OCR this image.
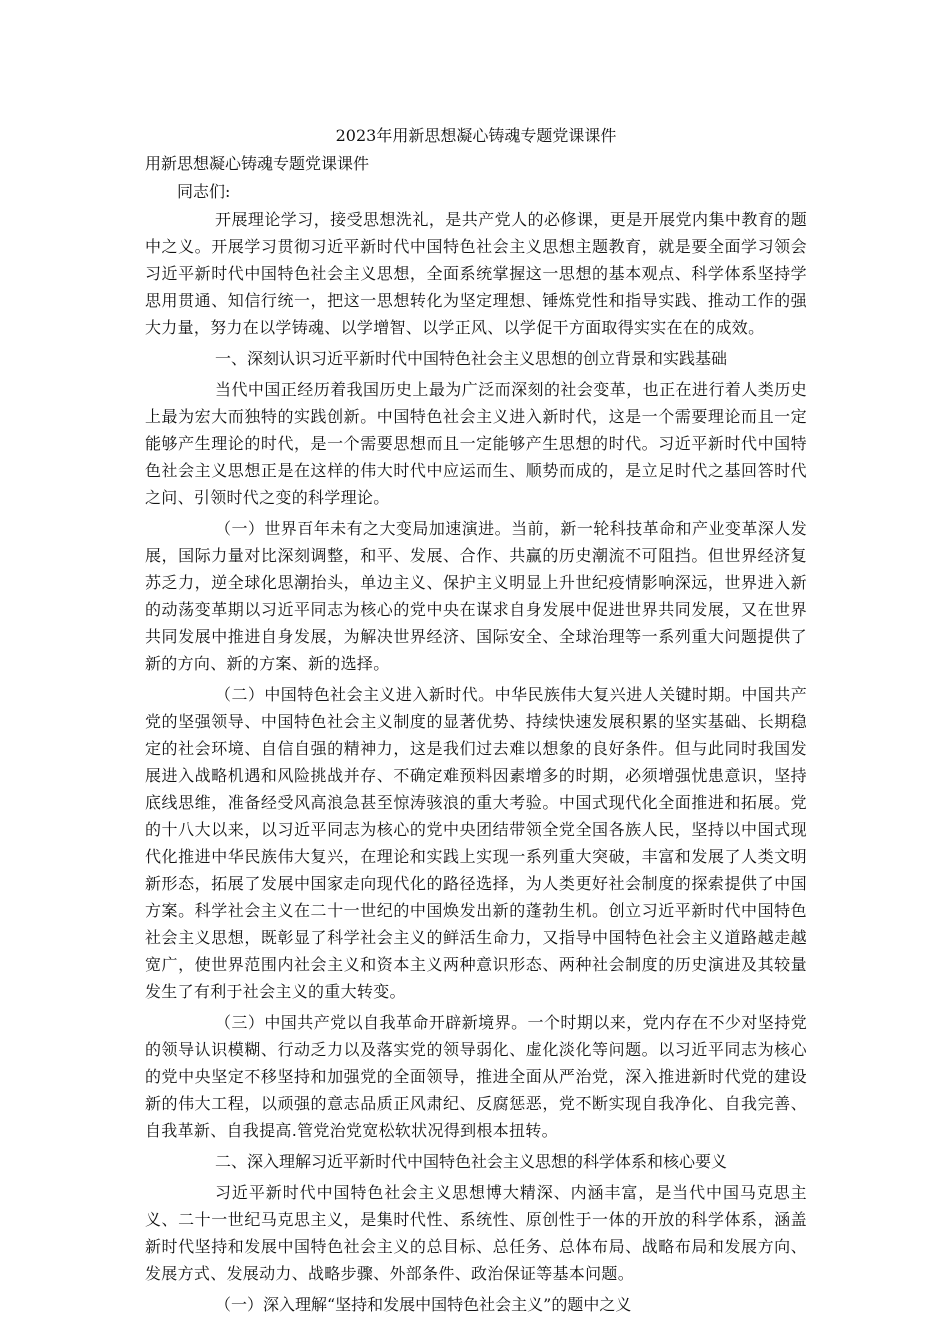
2023年用新思想凝心铸魂专题党课课件

用新思想凝心铸魂专题党课课件

同志们:

开展理论学习，接受思想洗礼，是共产党人的必修课，更是开展党内集中教育的题中之义。开展学习贯彻习近平新时代中国特色社会主义思想主题教育，就是要全面学习领会习近平新时代中国特色社会主义思想，全面系统掌握这一思想的基本观点、科学体系坚持学思用贯通、知信行统一，把这一思想转化为坚定理想、锤炼党性和指导实践、推动工作的强大力量，努力在以学铸魂、以学增智、以学正风、以学促干方面取得实实在在的成效。

一、深刻认识习近平新时代中国特色社会主义思想的创立背景和实践基础

当代中国正经历着我国历史上最为广泛而深刻的社会变革，也正在进行着人类历史上最为宏大而独特的实践创新。中国特色社会主义进入新时代，这是一个需要理论而且一定能够产生理论的时代，是一个需要思想而且一定能够产生思想的时代。习近平新时代中国特色社会主义思想正是在这样的伟大时代中应运而生、顺势而成的，是立足时代之基回答时代之问、引领时代之变的科学理论。

（一）世界百年未有之大变局加速演进。当前，新一轮科技革命和产业变革深人发展，国际力量对比深刻调整，和平、发展、合作、共赢的历史潮流不可阻挡。但世界经济复苏乏力，逆全球化思潮抬头，单边主义、保护主义明显上升世纪疫情影响深远，世界进入新的动荡变革期以习近平同志为核心的党中央在谋求自身发展中促进世界共同发展，又在世界共同发展中推进自身发展，为解决世界经济、国际安全、全球治理等一系列重大问题提供了新的方向、新的方案、新的选择。

（二）中国特色社会主义进入新时代。中华民族伟大复兴进人关键时期。中国共产党的坚强领导、中国特色社会主义制度的显著优势、持续快速发展积累的坚实基础、长期稳定的社会环境、自信自强的精神力，这是我们过去难以想象的良好条件。但与此同时我国发展进入战略机遇和风险挑战并存、不确定难预料因素增多的时期，必须增强忧患意识，坚持底线思维，准备经受风高浪急甚至惊涛骇浪的重大考验。中国式现代化全面推进和拓展。党的十八大以来，以习近平同志为核心的党中央团结带领全党全国各族人民，坚持以中国式现代化推进中华民族伟大复兴，在理论和实践上实现一系列重大突破，丰富和发展了人类文明新形态，拓展了发展中国家走向现代化的路径选择，为人类更好社会制度的探索提供了中国方案。科学社会主义在二十一世纪的中国焕发出新的蓬勃生机。创立习近平新时代中国特色社会主义思想，既彰显了科学社会主义的鲜活生命力，又指导中国特色社会主义道路越走越宽广，使世界范围内社会主义和资本主义两种意识形态、两种社会制度的历史演进及其较量发生了有利于社会主义的重大转变。

（三）中国共产党以自我革命开辟新境界。一个时期以来，党内存在不少对坚持党的领导认识模糊、行动乏力以及落实党的领导弱化、虚化淡化等问题。以习近平同志为核心的党中央坚定不移坚持和加强党的全面领导，推进全面从严治党，深入推进新时代党的建设新的伟大工程，以顽强的意志品质正风肃纪、反腐惩恶，党不断实现自我净化、自我完善、自我革新、自我提高.管党治党宽松软状况得到根本扭转。

二、深入理解习近平新时代中国特色社会主义思想的科学体系和核心要义

习近平新时代中国特色社会主义思想博大精深、内涵丰富，是当代中国马克思主义、二十一世纪马克思主义，是集时代性、系统性、原创性于一体的开放的科学体系，涵盖新时代坚持和发展中国特色社会主义的总目标、总任务、总体布局、战略布局和发展方向、发展方式、发展动力、战略步骤、外部条件、政治保证等基本问题。

（一）深入理解“坚持和发展中国特色社会主义”的题中之义
